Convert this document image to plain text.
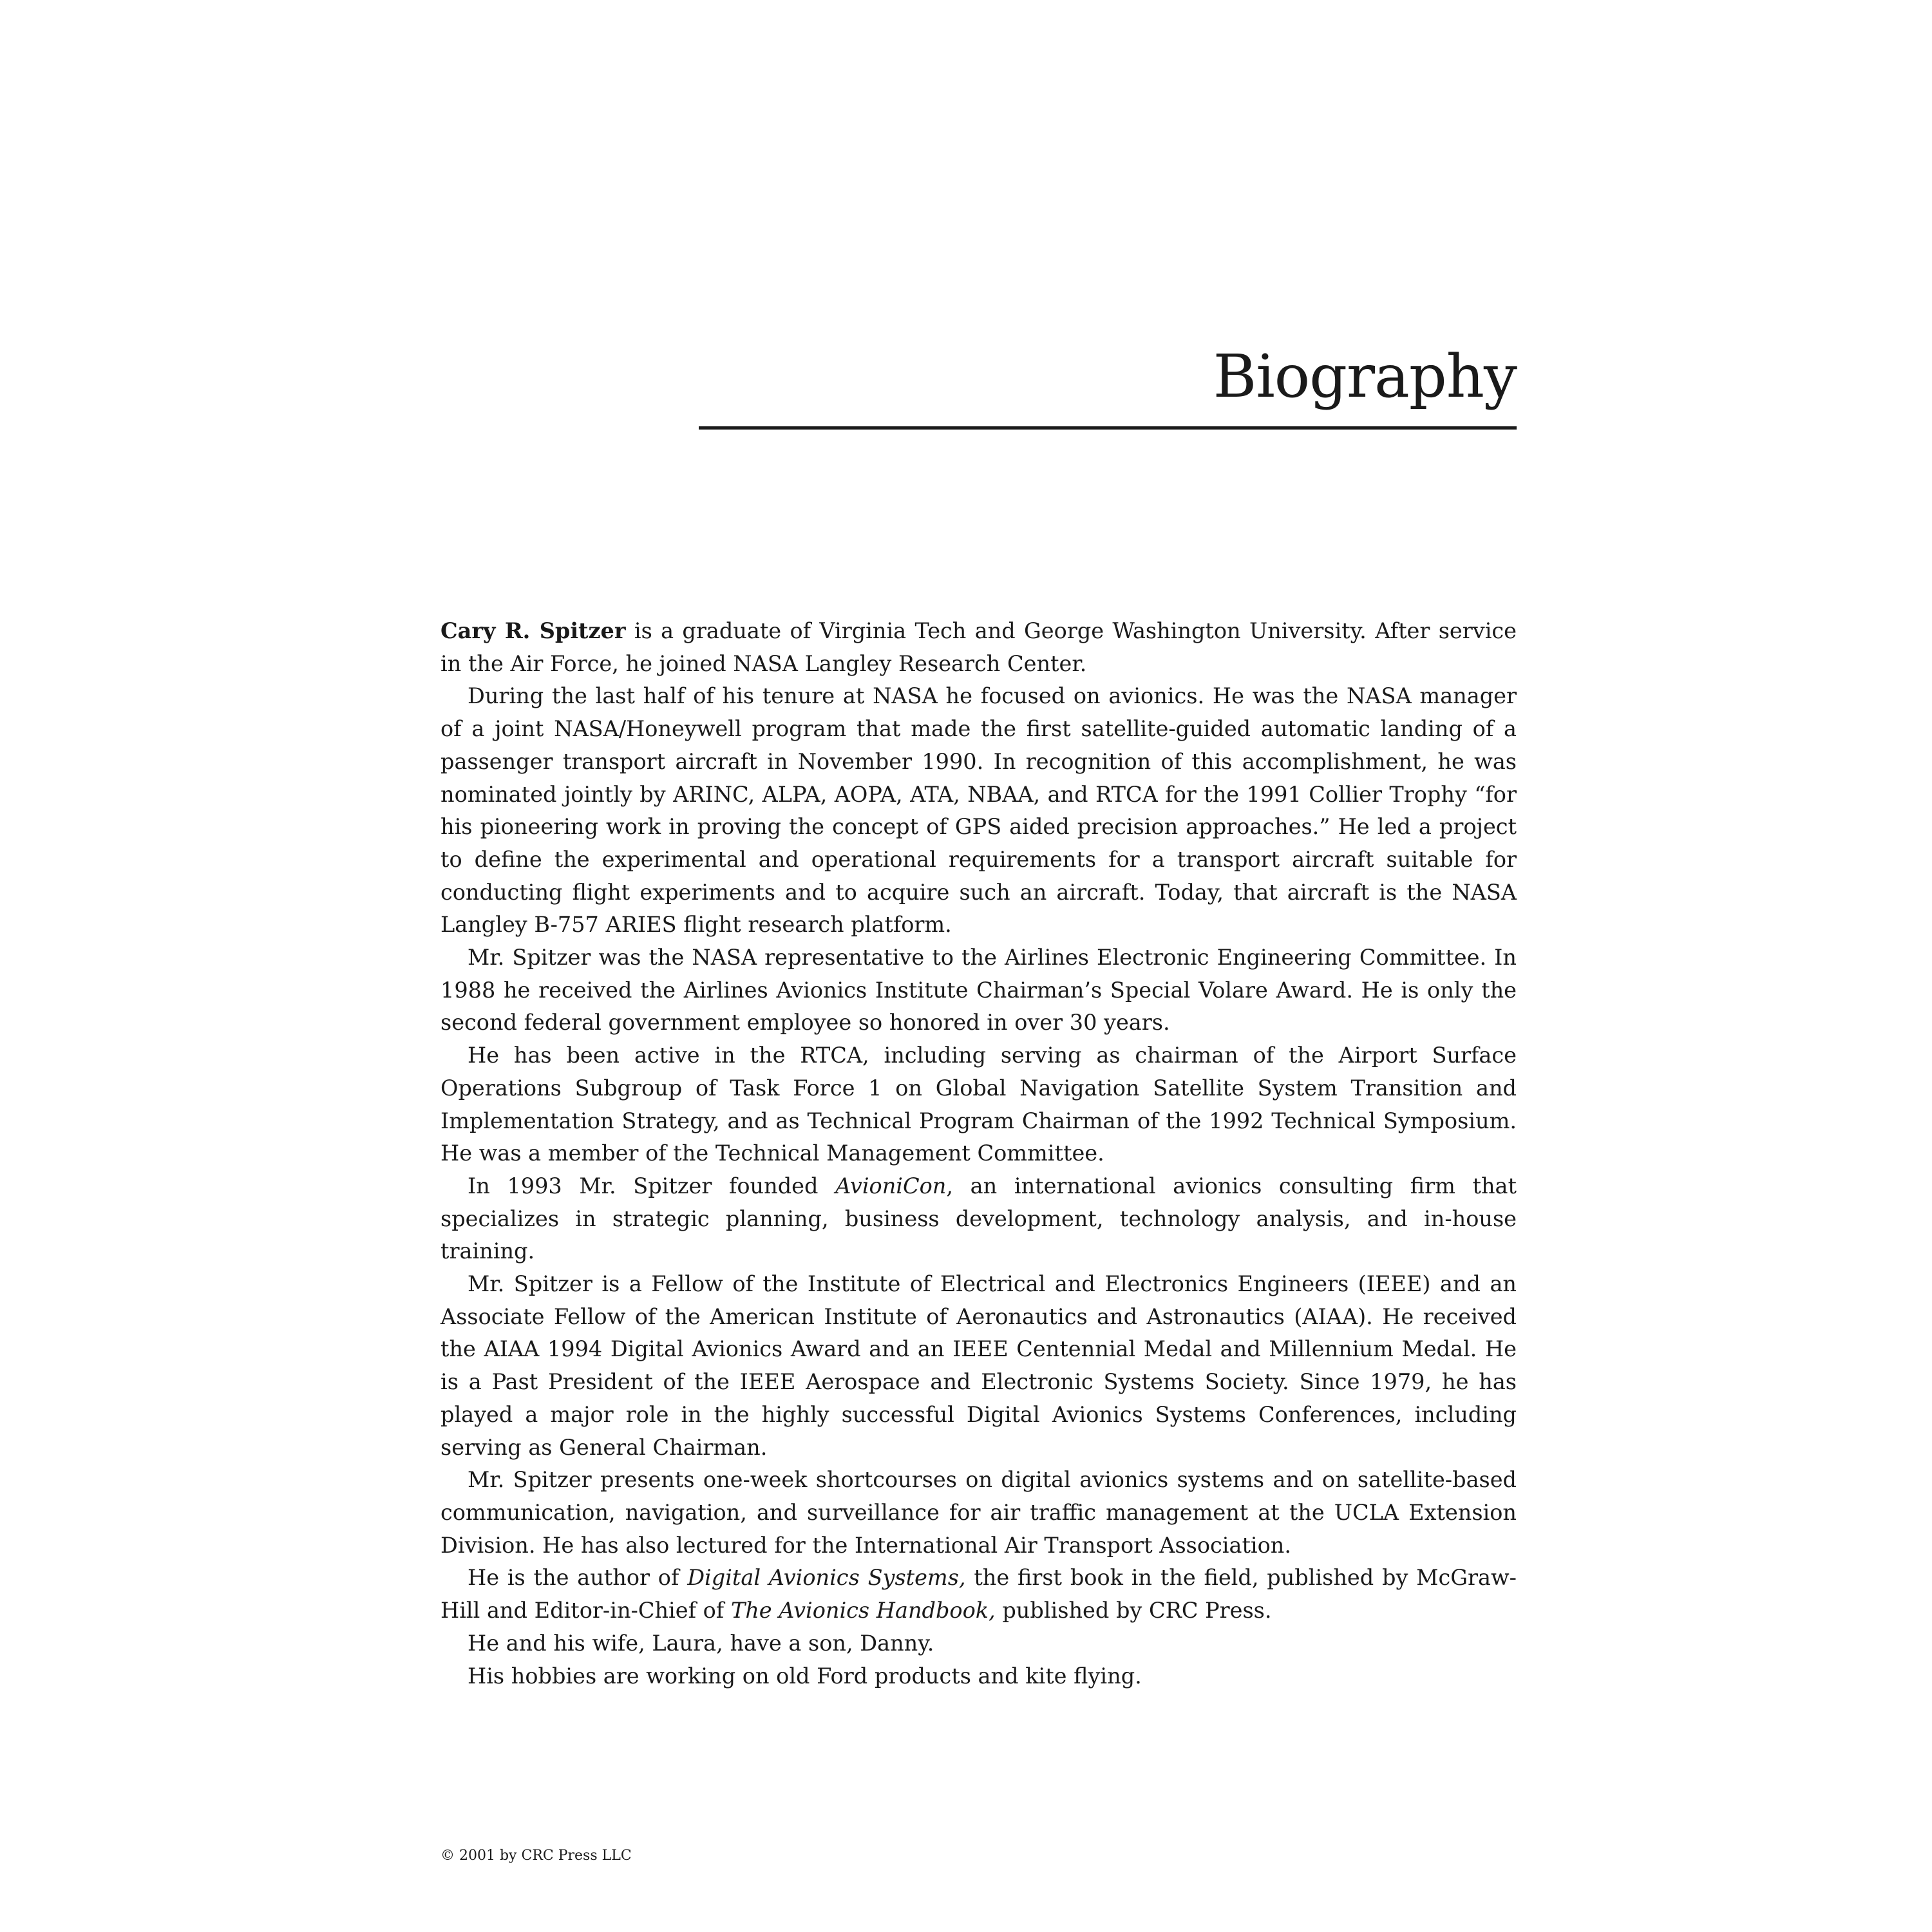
Biography

Cary R. Spitzer is a graduate of Virginia Tech and George Washington University. After service in the Air Force, he joined NASA Langley Research Center.

During the last half of his tenure at NASA he focused on avionics. He was the NASA manager of a joint NASA/Honeywell program that made the first satellite-guided automatic landing of a passenger transport aircraft in November 1990. In recognition of this accomplishment, he was nominated jointly by ARINC, ALPA, AOPA, ATA, NBAA, and RTCA for the 1991 Collier Trophy “for his pioneering work in proving the concept of GPS aided precision approaches.” He led a project to define the experimental and operational requirements for a transport aircraft suitable for conducting flight experiments and to acquire such an aircraft. Today, that aircraft is the NASA Langley B-757 ARIES flight research platform.

Mr. Spitzer was the NASA representative to the Airlines Electronic Engineering Committee. In 1988 he received the Airlines Avionics Institute Chairman’s Special Volare Award. He is only the second federal government employee so honored in over 30 years.

He has been active in the RTCA, including serving as chairman of the Airport Surface Operations Subgroup of Task Force 1 on Global Navigation Satellite System Transition and Implementation Strategy, and as Technical Program Chairman of the 1992 Technical Symposium. He was a member of the Technical Management Committee.

In 1993 Mr. Spitzer founded AvioniCon, an international avionics consulting firm that specializes in strategic planning, business development, technology analysis, and in-house training.

Mr. Spitzer is a Fellow of the Institute of Electrical and Electronics Engineers (IEEE) and an Associate Fellow of the American Institute of Aeronautics and Astronautics (AIAA). He received the AIAA 1994 Digital Avionics Award and an IEEE Centennial Medal and Millennium Medal. He is a Past President of the IEEE Aerospace and Electronic Systems Society. Since 1979, he has played a major role in the highly successful Digital Avionics Systems Conferences, including serving as General Chairman.

Mr. Spitzer presents one-week shortcourses on digital avionics systems and on satellite-based communication, navigation, and surveillance for air traffic management at the UCLA Extension Division. He has also lectured for the International Air Transport Association.

He is the author of Digital Avionics Systems, the first book in the field, published by McGraw-Hill and Editor-in-Chief of The Avionics Handbook, published by CRC Press.

He and his wife, Laura, have a son, Danny.

His hobbies are working on old Ford products and kite flying.

© 2001 by CRC Press LLC
